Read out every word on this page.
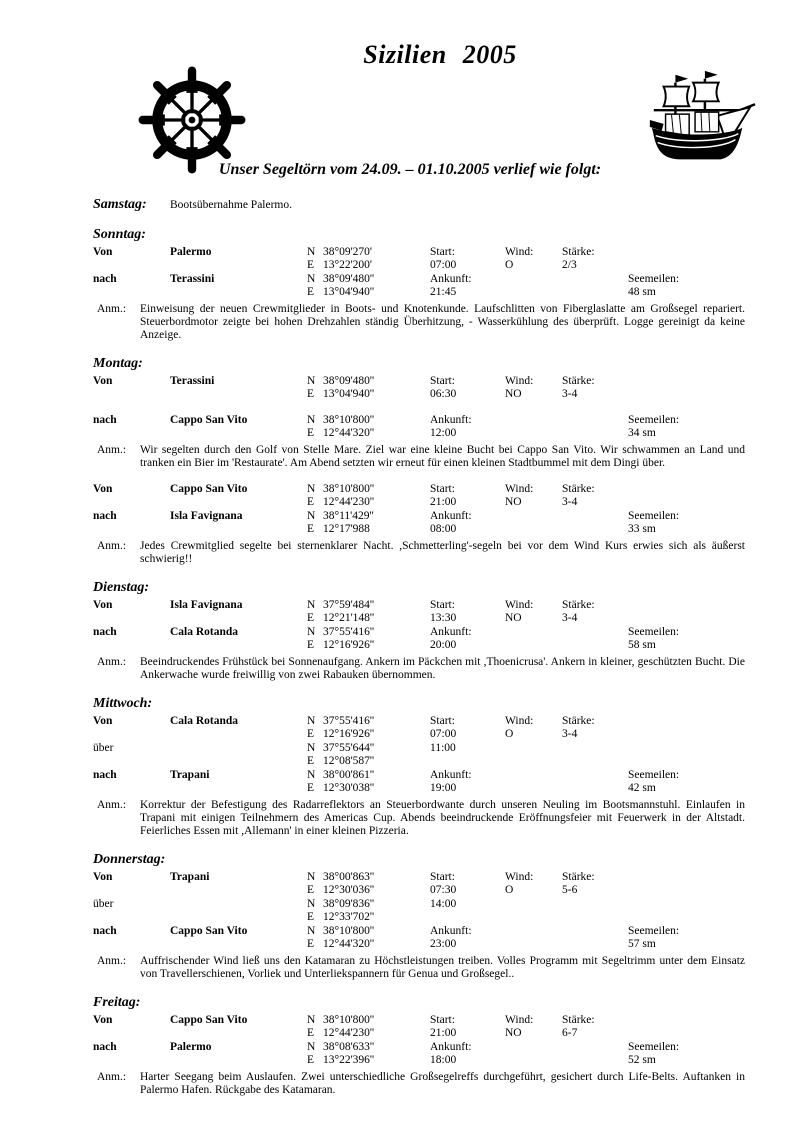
Sizilien 2005
Unser Segeltörn vom 24.09. – 01.10.2005 verlief wie folgt:
Samstag:	Bootsübernahme Palermo.
Sonntag:
Von	Palermo	N 38°09'270'	Start:	Wind:	Stärke:
E 13°22'200'	07:00	O	2/3
nach	Terassini	N 38°09'480''	Ankunft:	Seemeilen:
E 13°04'940''	21:45	48 sm
Anm.:	Einweisung der neuen Crewmitglieder in Boots- und Knotenkunde. Laufschlitten von Fiberglaslatte am Großsegel repariert. Steuerbordmotor zeigte bei hohen Drehzahlen ständig Überhitzung, - Wasserkühlung des überprüft. Logge gereinigt da keine Anzeige.
Montag:
Von	Terassini	N 38°09'480''	Start:	Wind:	Stärke:
E 13°04'940''	06:30	NO	3-4
nach	Cappo San Vito	N 38°10'800''	Ankunft:	Seemeilen:
E 12°44'320''	12:00	34 sm
Anm.:	Wir segelten durch den Golf von Stelle Mare. Ziel war eine kleine Bucht bei Cappo San Vito. Wir schwammen an Land und tranken ein Bier im 'Restaurate'. Am Abend setzten wir erneut für einen kleinen Stadtbummel mit dem Dingi über.
Von	Cappo San Vito	N 38°10'800''	Start:	Wind:	Stärke:
E 12°44'230''	21:00	NO	3-4
nach	Isla Favignana	N 38°11'429''	Ankunft:	Seemeilen:
E 12°17'988	08:00	33 sm
Anm.:	Jedes Crewmitglied segelte bei sternenklarer Nacht. ,Schmetterling'-segeln bei vor dem Wind Kurs erwies sich als äußerst schwierig!!
Dienstag:
Von	Isla Favignana	N 37°59'484''	Start:	Wind:	Stärke:
E 12°21'148''	13:30	NO	3-4
nach	Cala Rotanda	N 37°55'416''	Ankunft:	Seemeilen:
E 12°16'926''	20:00	58 sm
Anm.:	Beeindruckendes Frühstück bei Sonnenaufgang. Ankern im Päckchen mit ,Thoenicrusa'. Ankern in kleiner, geschützten Bucht. Die Ankerwache wurde freiwillig von zwei Rabauken übernommen.
Mittwoch:
Von	Cala Rotanda	N 37°55'416''	Start:	Wind:	Stärke:
E 12°16'926''	07:00	O	3-4
über	N 37°55'644''	11:00
E 12°08'587''
nach	Trapani	N 38°00'861''	Ankunft:	Seemeilen:
E 12°30'038''	19:00	42 sm
Anm.:	Korrektur der Befestigung des Radarreflektors an Steuerbordwante durch unseren Neuling im Bootsmannstuhl. Einlaufen in Trapani mit einigen Teilnehmern des Americas Cup. Abends beeindruckende Eröffnungsfeier mit Feuerwerk in der Altstadt. Feierliches Essen mit ,Allemann' in einer kleinen Pizzeria.
Donnerstag:
Von	Trapani	N 38°00'863''	Start:	Wind:	Stärke:
E 12°30'036''	07:30	O	5-6
über	N 38°09'836''	14:00
E 12°33'702''
nach	Cappo San Vito	N 38°10'800''	Ankunft:	Seemeilen:
E 12°44'320''	23:00	57 sm
Anm.:	Auffrischender Wind ließ uns den Katamaran zu Höchstleistungen treiben. Volles Programm mit Segeltrimm unter dem Einsatz von Travellerschienen, Vorliek und Unterliekspannern für Genua und Großsegel..
Freitag:
Von	Cappo San Vito	N 38°10'800''	Start:	Wind:	Stärke:
E 12°44'230''	21:00	NO	6-7
nach	Palermo	N 38°08'633''	Ankunft:	Seemeilen:
E 13°22'396''	18:00	52 sm
Anm.:	Harter Seegang beim Auslaufen. Zwei unterschiedliche Großsegelreffs durchgeführt, gesichert durch Life-Belts. Auftanken in Palermo Hafen. Rückgabe des Katamaran.
